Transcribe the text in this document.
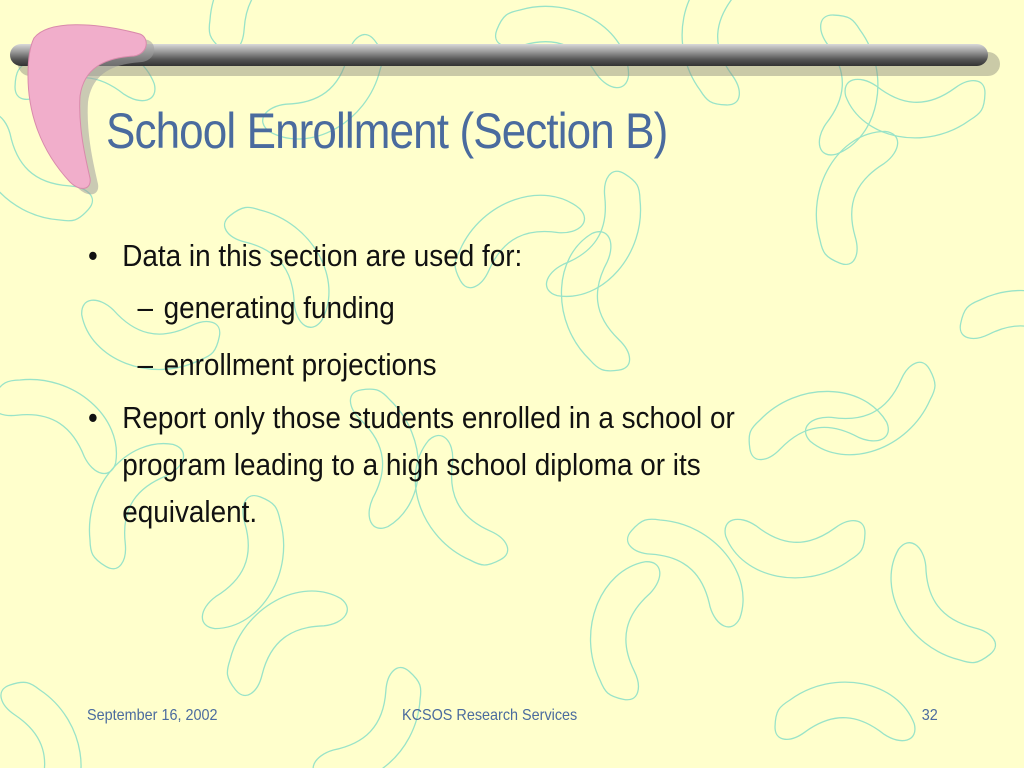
School Enrollment (Section B)
• Data in this section are used for:
– generating funding
– enrollment projections
• Report only those students enrolled in a school or program leading to a high school diploma or its equivalent.
September 16, 2002	KCSOS Research Services	32
